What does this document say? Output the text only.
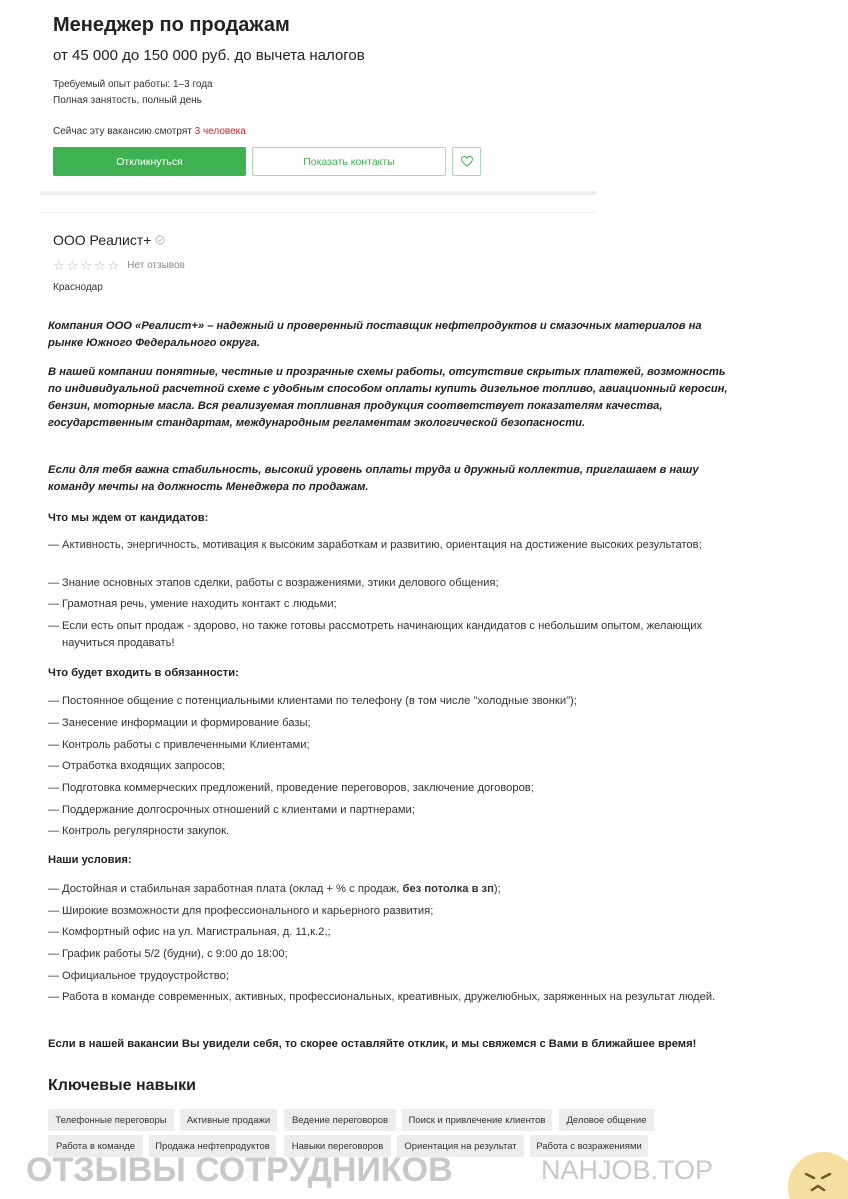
Менеджер по продажам
от 45 000 до 150 000 руб. до вычета налогов
Требуемый опыт работы: 1–3 года
Полная занятость, полный день
Сейчас эту вакансию смотрят 3 человека
Откликнуться	Показать контакты
ООО Реалист+
☆ ☆ ☆ ☆ ☆ Нет отзывов
Краснодар

Компания ООО «Реалист+» – надежный и проверенный поставщик нефтепродуктов и смазочных материалов на рынке Южного Федерального округа.

В нашей компании понятные, честные и прозрачные схемы работы, отсутствие скрытых платежей, возможность по индивидуальной расчетной схеме с удобным способом оплаты купить дизельное топливо, авиационный керосин, бензин, моторные масла. Вся реализуемая топливная продукция соответствует показателям качества, государственным стандартам, международным регламентам экологической безопасности.

Если для тебя важна стабильность, высокий уровень оплаты труда и дружный коллектив, приглашаем в нашу команду мечты на должность Менеджера по продажам.

Что мы ждем от кандидатов:
— Активность, энергичность, мотивация к высоким заработкам и развитию, ориентация на достижение высоких результатов;
— Знание основных этапов сделки, работы с возражениями, этики делового общения;
— Грамотная речь, умение находить контакт с людьми;
— Если есть опыт продаж - здорово, но также готовы рассмотреть начинающих кандидатов с небольшим опытом, желающих научиться продавать!
Что будет входить в обязанности:
— Постоянное общение с потенциальными клиентами по телефону (в том числе "холодные звонки");
— Занесение информации и формирование базы;
— Контроль работы с привлеченными Клиентами;
— Отработка входящих запросов;
— Подготовка коммерческих предложений, проведение переговоров, заключение договоров;
— Поддержание долгосрочных отношений с клиентами и партнерами;
— Контроль регулярности закупок.
Наши условия:
— Достойная и стабильная заработная плата (оклад + % с продаж, без потолка в зп);
— Широкие возможности для профессионального и карьерного развития;
— Комфортный офис на ул. Магистральная, д. 11,к.2,;
— График работы 5/2 (будни), с 9:00 до 18:00;
— Официальное трудоустройство;
— Работа в команде современных, активных, профессиональных, креативных, дружелюбных, заряженных на результат людей.
Если в нашей вакансии Вы увидели себя, то скорее оставляйте отклик, и мы свяжемся с Вами в ближайшее время!
Ключевые навыки
Телефонные переговоры	Активные продажи	Ведение переговоров	Поиск и привлечение клиентов	Деловое общение
Работа в команде	Продажа нефтепродуктов	Навыки переговоров	Ориентация на результат	Работа с возражениями
ОТЗЫВЫ СОТРУДНИКОВ	NAHJOB.TOP
